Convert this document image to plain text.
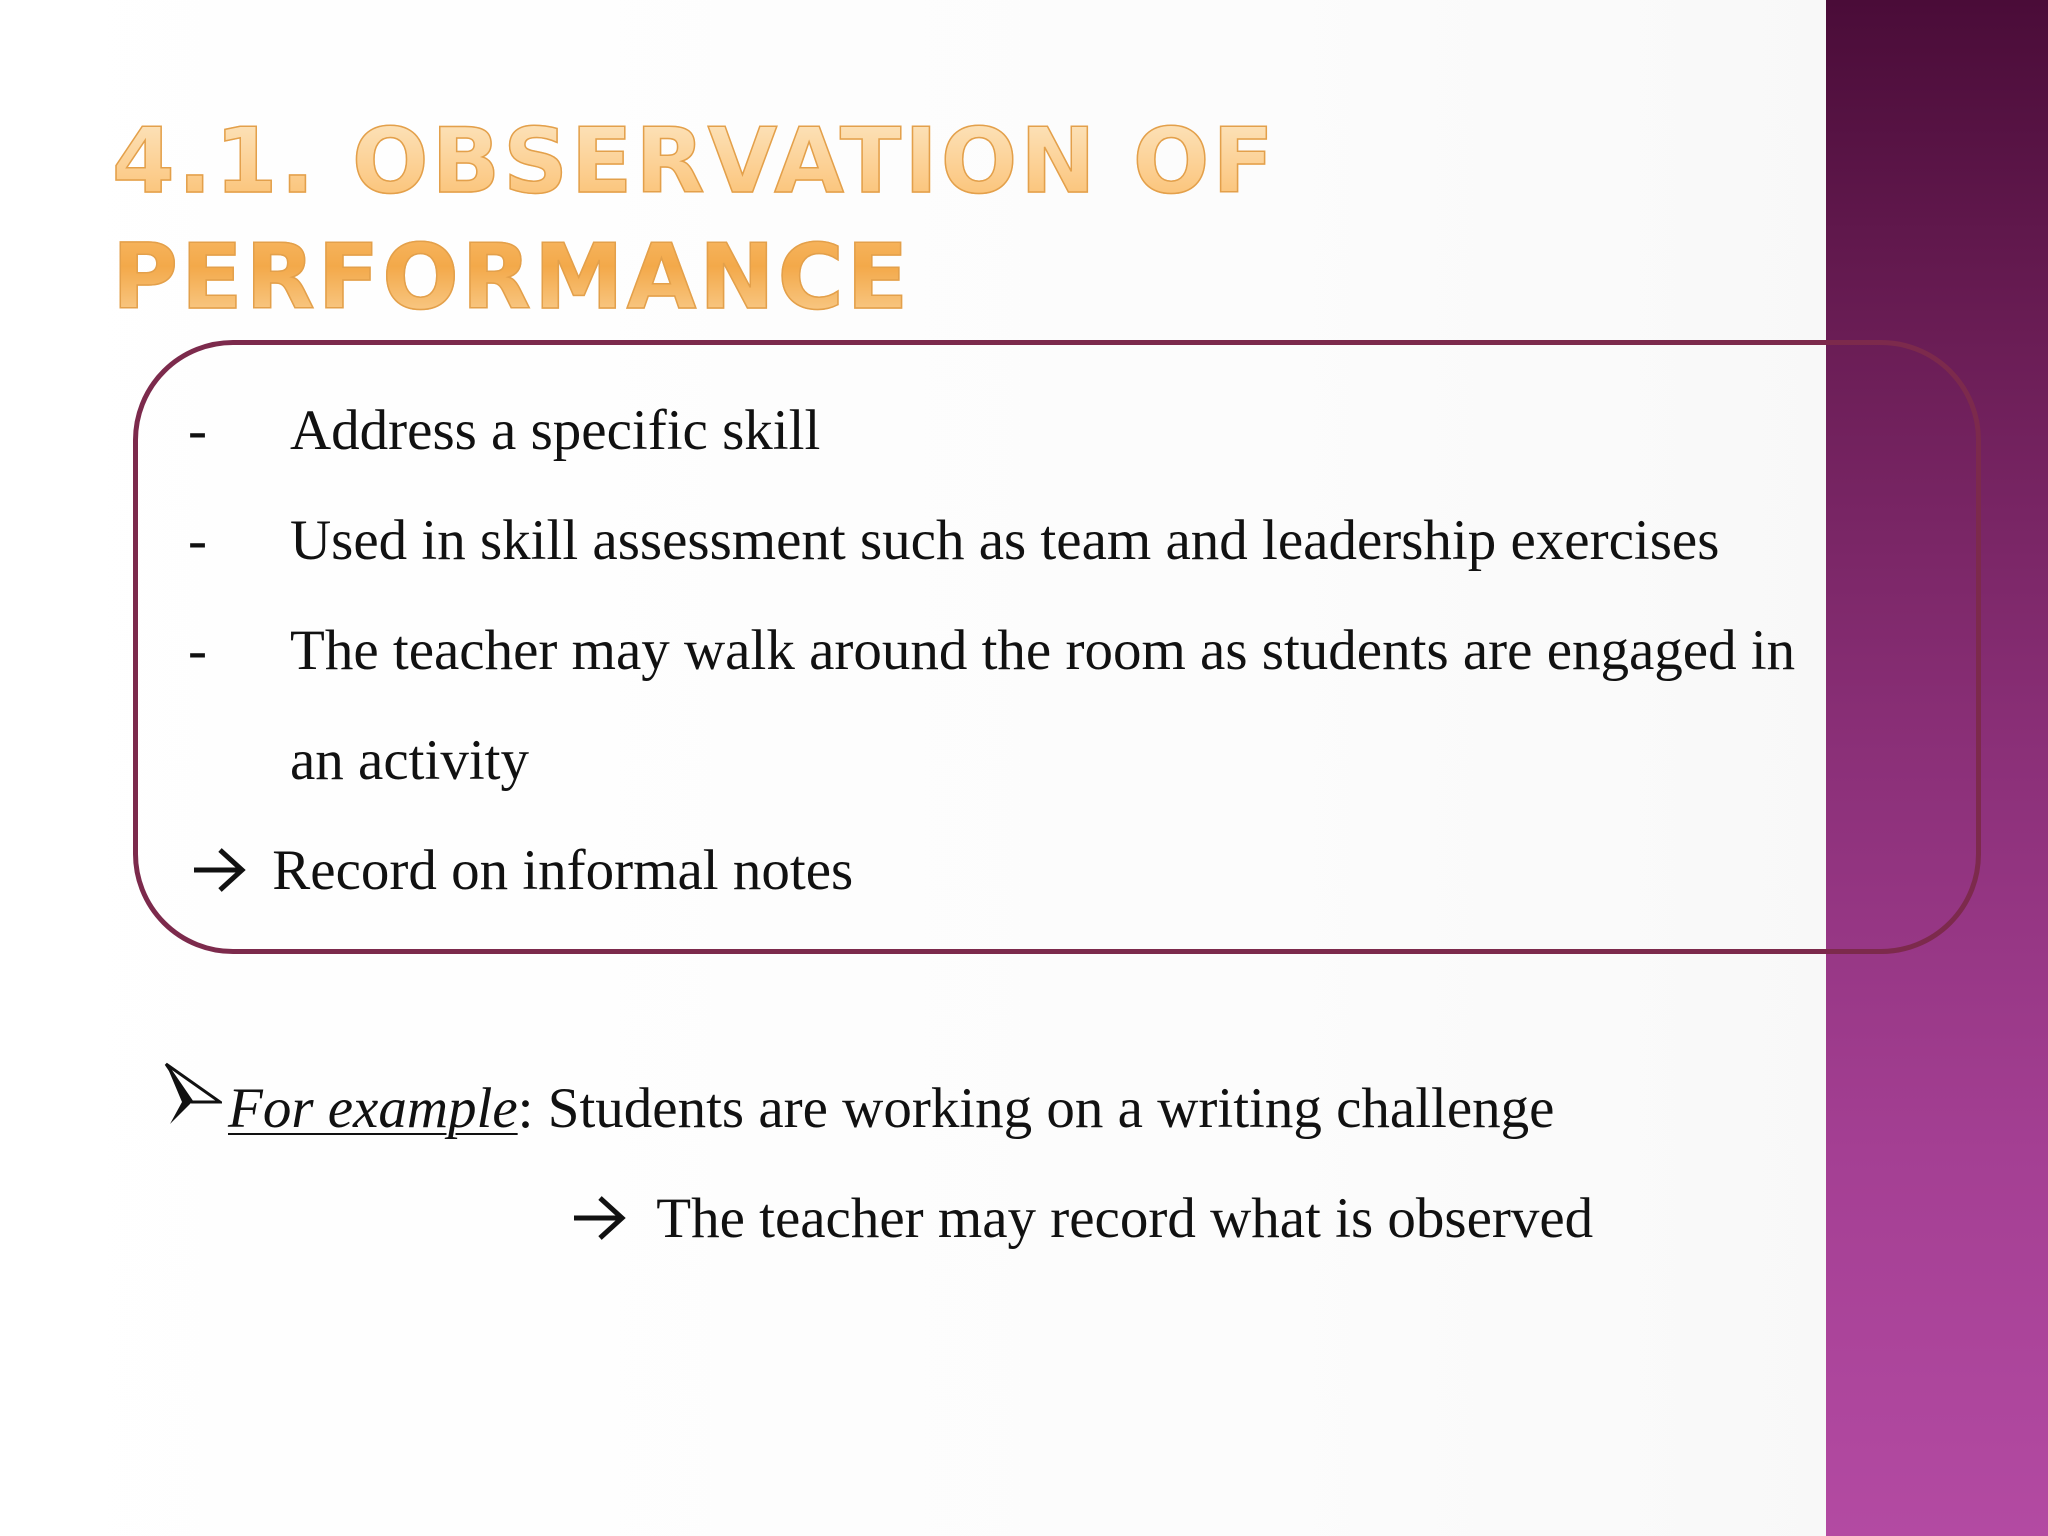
4.1. OBSERVATION OF PERFORMANCE
- Address a specific skill

- Used in skill assessment such as team and leadership exercises

- The teacher may walk around the room as students are engaged in

an activity

Record on informal notes

For example: Students are working on a writing challenge

The teacher may record what is observed
